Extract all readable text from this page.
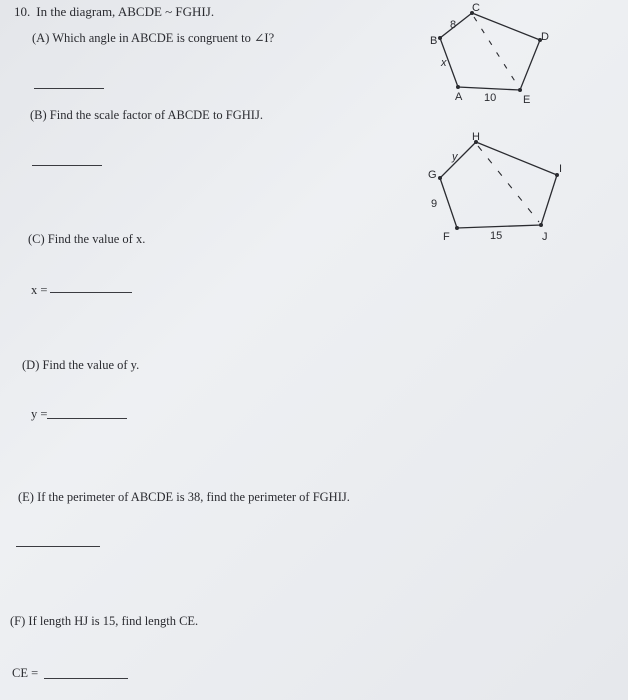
10. In the diagram, ABCDE ~ FGHIJ.
(A) Which angle in ABCDE is congruent to ∠I?
(B) Find the scale factor of ABCDE to FGHIJ.
(C) Find the value of x.
x =
(D) Find the value of y.
y =
(E) If the perimeter of ABCDE is 38, find the perimeter of FGHIJ.
(F) If length HJ is 15, find length CE.
CE =
A
B
C
D
E
8
x
10
F
G
H
I
J
y
9
15
